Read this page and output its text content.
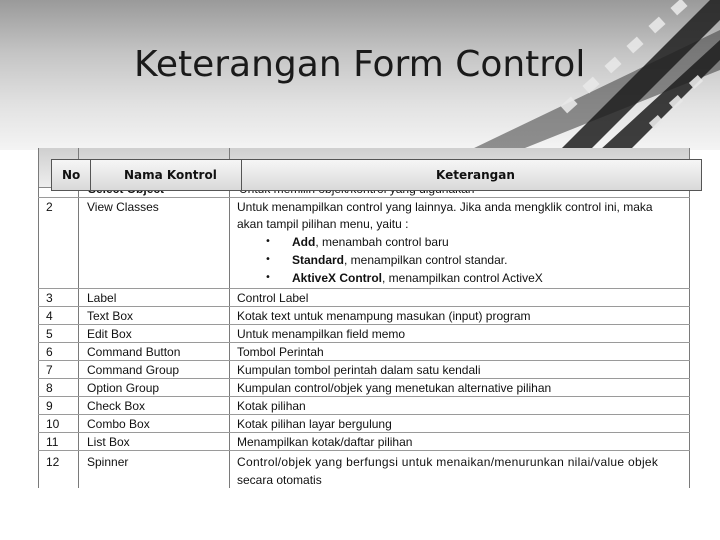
Keterangan Form Control
No	Nama Kontrol	Keterangan
2	View Classes	Untuk menampilkan control yang lainnya. Jika anda mengklik control ini, maka
akan tampil pilihan menu, yaitu :
• Add, menambah control baru
• Standard, menampilkan control standar.
• AktiveX Control, menampilkan control ActiveX
3	Label	Control Label
4	Text Box	Kotak text untuk menampung masukan (input) program
5	Edit Box	Untuk menampilkan field memo
6	Command Button	Tombol Perintah
7	Command Group	Kumpulan tombol perintah dalam satu kendali
8	Option Group	Kumpulan control/objek yang menetukan alternative pilihan
9	Check Box	Kotak pilihan
10 Combo Box	Kotak pilihan layar bergulung
11 List Box	Menampilkan kotak/daftar pilihan
12 Spinner	Control/objek yang berfungsi untuk menaikan/menurunkan nilai/value objek
secara otomatis
